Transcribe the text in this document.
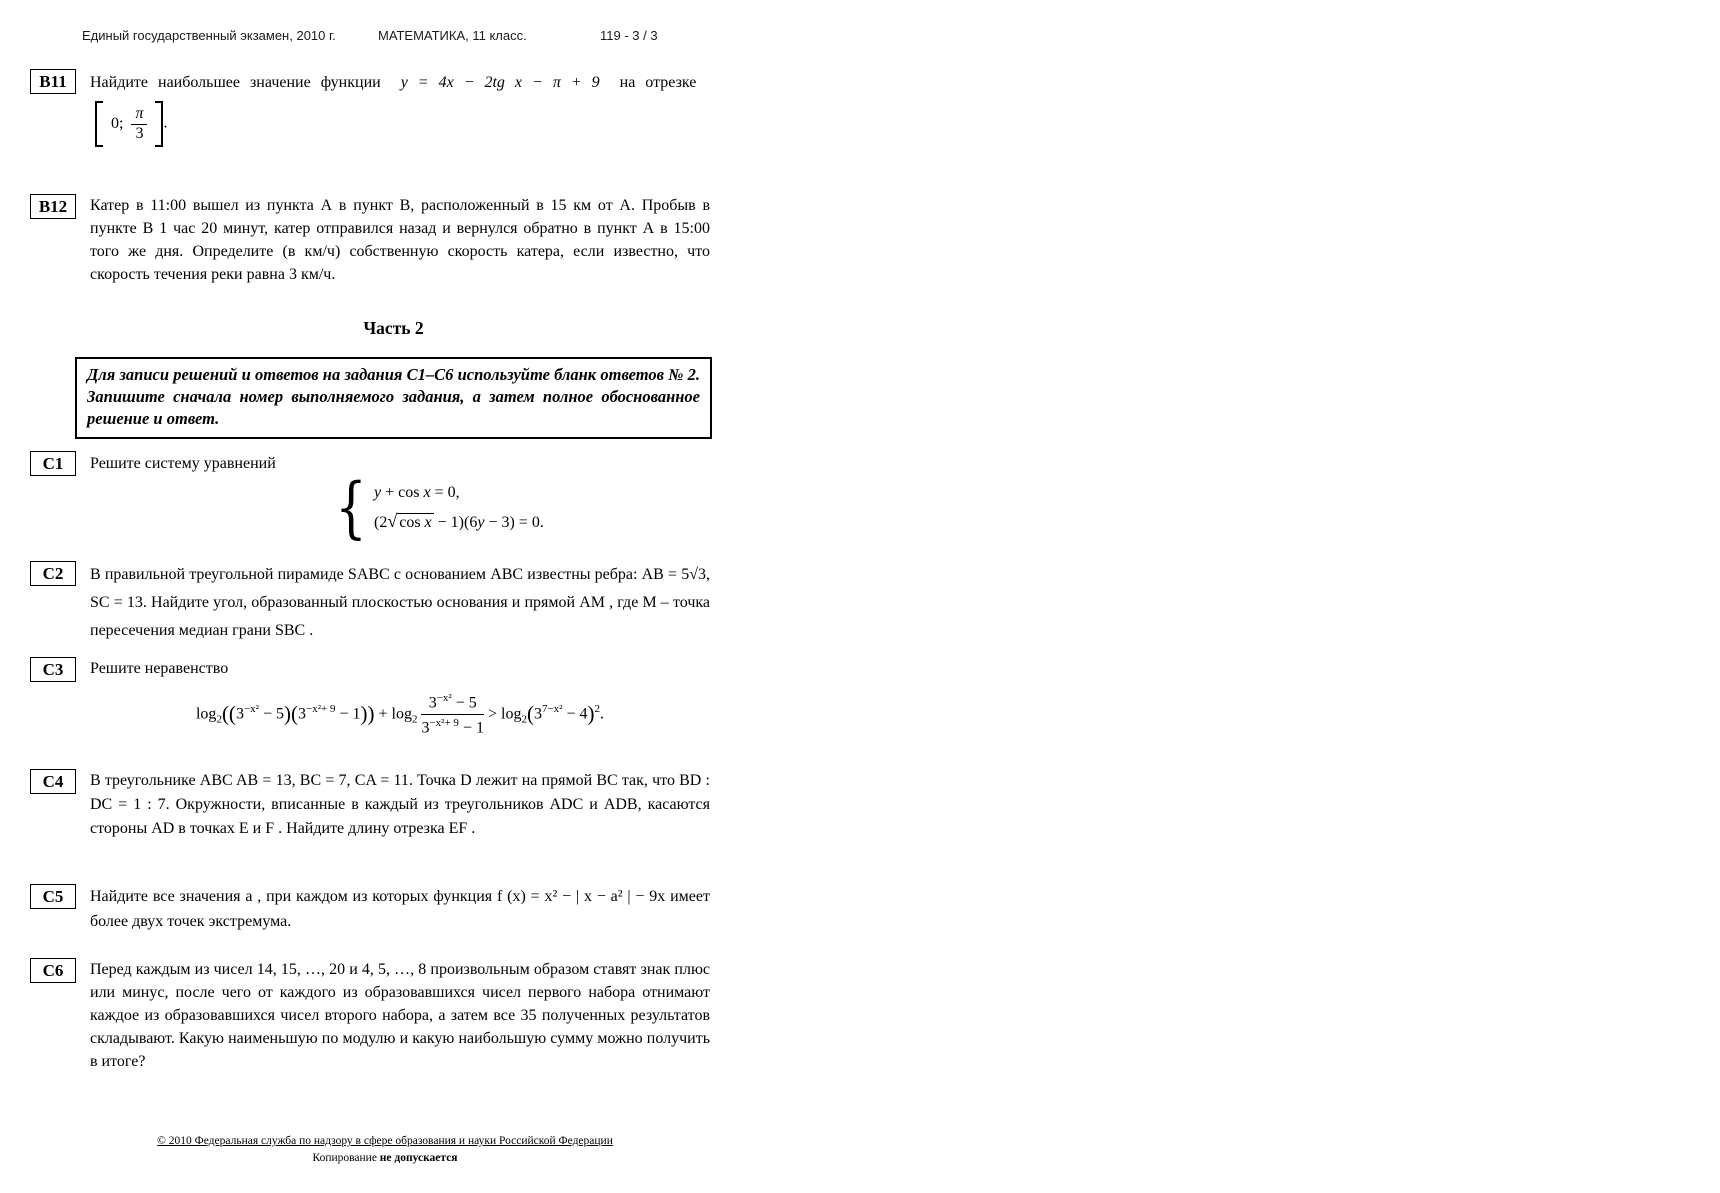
Единый государственный экзамен, 2010 г.	МАТЕМАТИКА, 11 класс.	119 - 3 / 3
B11	Найдите наибольшее значение функции y = 4x − 2tg x − π + 9 на отрезке
0; $\frac{\pi}{3}$ .
B12	Катер в 11:00 вышел из пункта А в пункт В, расположенный в 15 км от А. Пробыв в пункте В 1 час 20 минут, катер отправился назад и вернулся обратно в пункт А в 15:00 того же дня. Определите (в км/ч) собственную скорость катера, если известно, что скорость течения реки равна 3 км/ч.
Часть 2
Для записи решений и ответов на задания С1–С6 используйте бланк ответов № 2. Запишите сначала номер выполняемого задания, а затем полное обоснованное решение и ответ.
C1	Решите систему уравнений
{ y + cos x = 0,
(2√ cos x − 1)(6y − 3) = 0.
C2	В правильной треугольной пирамиде SABC с основанием ABC известны ребра: AB = 5√3, SC = 13. Найдите угол, образованный плоскостью основания и прямой AM , где M – точка пересечения медиан грани SBC .
C3	Решите неравенство
$\log_2((3^{-x^2} - 5)(3^{-x^2+ 9} - 1)) + \log_2 \frac{3^{-x^2} - 5}{3^{-x^2+ 9} - 1} > \log_2(3^{7-x^2} - 4)^2$.
C4	В треугольнике ABC AB = 13, BC = 7, CA = 11. Точка D лежит на прямой BC так, что BD : DC = 1 : 7. Окружности, вписанные в каждый из треугольников ADC и ADB, касаются стороны AD в точках E и F . Найдите длину отрезка EF .
C5	Найдите все значения a , при каждом из которых функция f (x) = x² − | x − a² | − 9x имеет более двух точек экстремума.
C6	Перед каждым из чисел 14, 15, …, 20 и 4, 5, …, 8 произвольным образом ставят знак плюс или минус, после чего от каждого из образовавшихся чисел первого набора отнимают каждое из образовавшихся чисел второго набора, а затем все 35 полученных результатов складывают. Какую наименьшую по модулю и какую наибольшую сумму можно получить в итоге?
© 2010 Федеральная служба по надзору в сфере образования и науки Российской Федерации
Копирование не допускается
